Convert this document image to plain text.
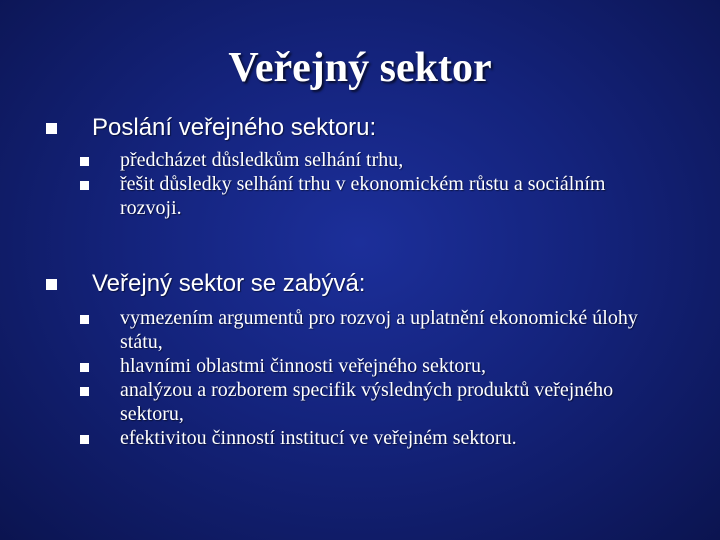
Veřejný sektor
Poslání veřejného sektoru:
předcházet důsledkům selhání trhu,
řešit důsledky selhání trhu v ekonomickém růstu a sociálním rozvoji.
Veřejný sektor se zabývá:
vymezením argumentů pro rozvoj a uplatnění ekonomické úlohy státu,
hlavními oblastmi činnosti veřejného sektoru,
analýzou a rozborem specifik výsledných produktů veřejného sektoru,
efektivitou činností institucí ve veřejném sektoru.
